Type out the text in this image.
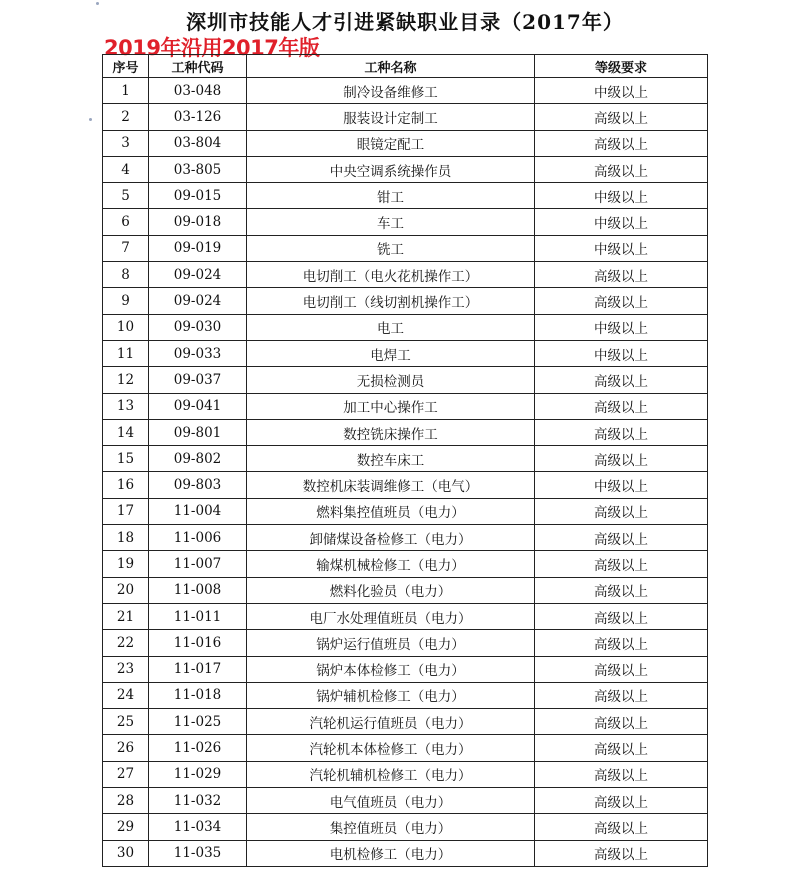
深圳市技能人才引进紧缺职业目录（2017年）
2019年沿用2017年版
序号	工种代码	工种名称	等级要求
1	03-048	制冷设备维修工	中级以上
2	03-126	服装设计定制工	高级以上
3	03-804	眼镜定配工	高级以上
4	03-805	中央空调系统操作员	高级以上
5	09-015	钳工	中级以上
6	09-018	车工	中级以上
7	09-019	铣工	中级以上
8	09-024	电切削工（电火花机操作工）	高级以上
9	09-024	电切削工（线切割机操作工）	高级以上
10	09-030	电工	中级以上
11	09-033	电焊工	中级以上
12	09-037	无损检测员	高级以上
13	09-041	加工中心操作工	高级以上
14	09-801	数控铣床操作工	高级以上
15	09-802	数控车床工	高级以上
16	09-803	数控机床装调维修工（电气）	中级以上
17	11-004	燃料集控值班员（电力）	高级以上
18	11-006	卸储煤设备检修工（电力）	高级以上
19	11-007	输煤机械检修工（电力）	高级以上
20	11-008	燃料化验员（电力）	高级以上
21	11-011	电厂水处理值班员（电力）	高级以上
22	11-016	锅炉运行值班员（电力）	高级以上
23	11-017	锅炉本体检修工（电力）	高级以上
24	11-018	锅炉辅机检修工（电力）	高级以上
25	11-025	汽轮机运行值班员（电力）	高级以上
26	11-026	汽轮机本体检修工（电力）	高级以上
27	11-029	汽轮机辅机检修工（电力）	高级以上
28	11-032	电气值班员（电力）	高级以上
29	11-034	集控值班员（电力）	高级以上
30	11-035	电机检修工（电力）	高级以上
